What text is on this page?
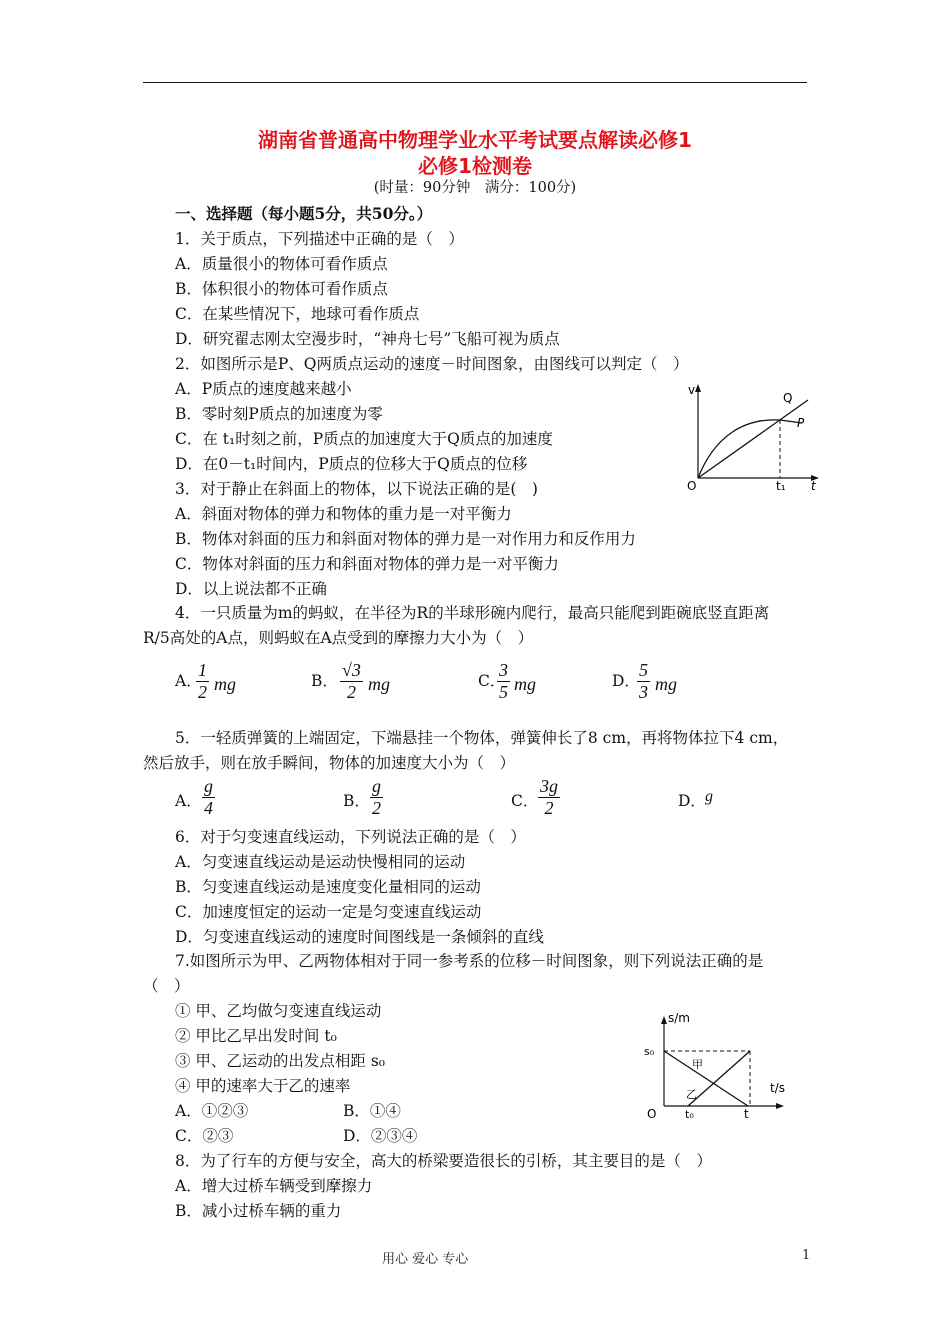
湖南省普通高中物理学业水平考试要点解读必修1
必修1检测卷
(时量：90分钟　满分：100分)
一、选择题（每小题5分，共50分。）
1．关于质点，下列描述中正确的是（　）
A．质量很小的物体可看作质点
B．体积很小的物体可看作质点
C．在某些情况下，地球可看作质点
D．研究翟志刚太空漫步时，“神舟七号”飞船可视为质点
2．如图所示是P、Q两质点运动的速度－时间图象，由图线可以判定（　）
A．P质点的速度越来越小
B．零时刻P质点的加速度为零
C．在 t₁时刻之前，P质点的加速度大于Q质点的加速度
D．在0－t₁时间内，P质点的位移大于Q质点的位移
v
Q
P
O	t₁ t
3．对于静止在斜面上的物体，以下说法正确的是(　)
A．斜面对物体的弹力和物体的重力是一对平衡力
B．物体对斜面的压力和斜面对物体的弹力是一对作用力和反作用力
C．物体对斜面的压力和斜面对物体的弹力是一对平衡力
D．以上说法都不正确
4．一只质量为m的蚂蚁，在半径为R的半球形碗内爬行，最高只能爬到距碗底竖直距离
R/5高处的A点，则蚂蚁在A点受到的摩擦力大小为（　）
A．
$\frac{1}{2}$ mg	B． $\frac{√3}{2}$ mg	C．
$\frac{3}{5}$ mg	D．
$\frac{5}{3}$ mg
5．一轻质弹簧的上端固定，下端悬挂一个物体，弹簧伸长了8 cm，再将物体拉下4 cm，
然后放手，则在放手瞬间，物体的加速度大小为（　）
A． $\frac{g}{4}$	B． $\frac{g}{2}$	C． $\frac{3g}{2}$	D． g
6．对于匀变速直线运动，下列说法正确的是（　）
A．匀变速直线运动是运动快慢相同的运动
B．匀变速直线运动是速度变化量相同的运动
C．加速度恒定的运动一定是匀变速直线运动
D．匀变速直线运动的速度时间图线是一条倾斜的直线
7.如图所示为甲、乙两物体相对于同一参考系的位移－时间图象，则下列说法正确的是
（　）
① 甲、乙均做匀变速直线运动
② 甲比乙早出发时间 t₀
③ 甲、乙运动的出发点相距 s₀
④ 甲的速率大于乙的速率
A．①②③	B．①④
C．②③	D．②③④
s/m
s₀
甲
乙	t/s
O	t₀	t
8．为了行车的方便与安全，高大的桥梁要造很长的引桥，其主要目的是（　）
A．增大过桥车辆受到摩擦力
B．减小过桥车辆的重力
用心 爱心 专心	1
